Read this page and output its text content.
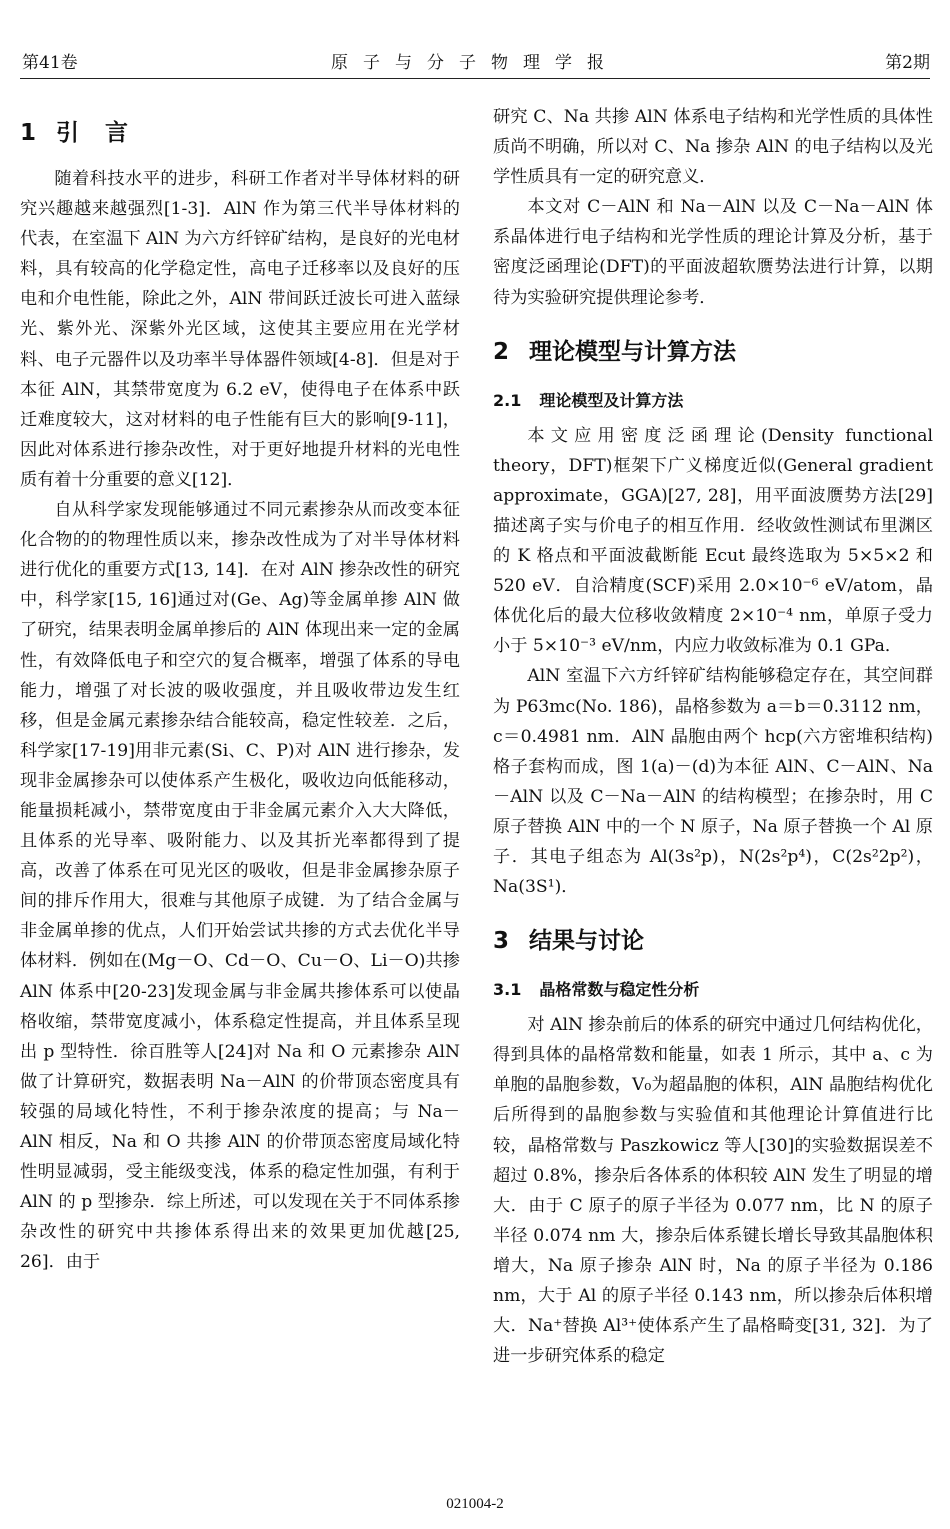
第41卷	原子与分子物理学报	第2期
1 引言

随着科技水平的进步，科研工作者对半导体材料的研究兴趣越来越强烈[1-3]．AlN 作为第三代半导体材料的代表，在室温下 AlN 为六方纤锌矿结构，是良好的光电材料，具有较高的化学稳定性，高电子迁移率以及良好的压电和介电性能，除此之外，AlN 带间跃迁波长可进入蓝绿光、紫外光、深紫外光区域，这使其主要应用在光学材料、电子元器件以及功率半导体器件领域[4-8]．但是对于本征 AlN，其禁带宽度为 6.2 eV，使得电子在体系中跃迁难度较大，这对材料的电子性能有巨大的影响[9-11]，因此对体系进行掺杂改性，对于更好地提升材料的光电性质有着十分重要的意义[12]．

自从科学家发现能够通过不同元素掺杂从而改变本征化合物的的物理性质以来，掺杂改性成为了对半导体材料进行优化的重要方式[13, 14]．在对 AlN 掺杂改性的研究中，科学家[15, 16]通过对(Ge、Ag)等金属单掺 AlN 做了研究，结果表明金属单掺后的 AlN 体现出来一定的金属性，有效降低电子和空穴的复合概率，增强了体系的导电能力，增强了对长波的吸收强度，并且吸收带边发生红移，但是金属元素掺杂结合能较高，稳定性较差．之后，科学家[17-19]用非元素(Si、C、P)对 AlN 进行掺杂，发现非金属掺杂可以使体系产生极化，吸收边向低能移动，能量损耗减小，禁带宽度由于非金属元素介入大大降低，且体系的光导率、吸附能力、以及其折光率都得到了提高，改善了体系在可见光区的吸收，但是非金属掺杂原子间的排斥作用大，很难与其他原子成键．为了结合金属与非金属单掺的优点，人们开始尝试共掺的方式去优化半导体材料．例如在(Mg－O、Cd－O、Cu－O、Li－O)共掺 AlN 体系中[20-23]发现金属与非金属共掺体系可以使晶格收缩，禁带宽度减小，体系稳定性提高，并且体系呈现出 p 型特性．徐百胜等人[24]对 Na 和 O 元素掺杂 AlN 做了计算研究，数据表明 Na－AlN 的价带顶态密度具有较强的局域化特性，不利于掺杂浓度的提高；与 Na－AlN 相反，Na 和 O 共掺 AlN 的价带顶态密度局域化特性明显减弱，受主能级变浅，体系的稳定性加强，有利于 AlN 的 p 型掺杂．综上所述，可以发现在关于不同体系掺杂改性的研究中共掺体系得出来的效果更加优越[25, 26]．由于

研究 C、Na 共掺 AlN 体系电子结构和光学性质的具体性质尚不明确，所以对 C、Na 掺杂 AlN 的电子结构以及光学性质具有一定的研究意义．

本文对 C－AlN 和 Na－AlN 以及 C－Na－AlN 体系晶体进行电子结构和光学性质的理论计算及分析，基于密度泛函理论(DFT)的平面波超软赝势法进行计算，以期待为实验研究提供理论参考．

2 理论模型与计算方法
2.1 理论模型及计算方法

本文应用密度泛函理论(Density functional theory，DFT)框架下广义梯度近似(General gradient approximate，GGA)[27, 28]，用平面波赝势方法[29]描述离子实与价电子的相互作用．经收敛性测试布里渊区的 K 格点和平面波截断能 Ecut 最终选取为 5×5×2 和 520 eV．自洽精度(SCF)采用 2.0×10⁻⁶ eV/atom，晶体优化后的最大位移收敛精度 2×10⁻⁴ nm，单原子受力小于 5×10⁻³ eV/nm，内应力收敛标准为 0.1 GPa．

AlN 室温下六方纤锌矿结构能够稳定存在，其空间群为 P63mc(No. 186)，晶格参数为 a＝b＝0.3112 nm，c＝0.4981 nm．AlN 晶胞由两个 hcp(六方密堆积结构)格子套构而成，图 1(a)－(d)为本征 AlN、C－AlN、Na－AlN 以及 C－Na－AlN 的结构模型；在掺杂时，用 C 原子替换 AlN 中的一个 N 原子，Na 原子替换一个 Al 原子．其电子组态为 Al(3s²p)，N(2s²p⁴)，C(2s²2p²)，Na(3S¹)．

3 结果与讨论
3.1 晶格常数与稳定性分析

对 AlN 掺杂前后的体系的研究中通过几何结构优化，得到具体的晶格常数和能量，如表 1 所示，其中 a、c 为单胞的晶胞参数，V₀为超晶胞的体积，AlN 晶胞结构优化后所得到的晶胞参数与实验值和其他理论计算值进行比较，晶格常数与 Paszkowicz 等人[30]的实验数据误差不超过 0.8%，掺杂后各体系的体积较 AlN 发生了明显的增大．由于 C 原子的原子半径为 0.077 nm，比 N 的原子半径 0.074 nm 大，掺杂后体系键长增长导致其晶胞体积增大，Na 原子掺杂 AlN 时，Na 的原子半径为 0.186 nm，大于 Al 的原子半径 0.143 nm，所以掺杂后体积增大．Na⁺替换 Al³⁺使体系产生了晶格畸变[31, 32]．为了进一步研究体系的稳定

021004-2
